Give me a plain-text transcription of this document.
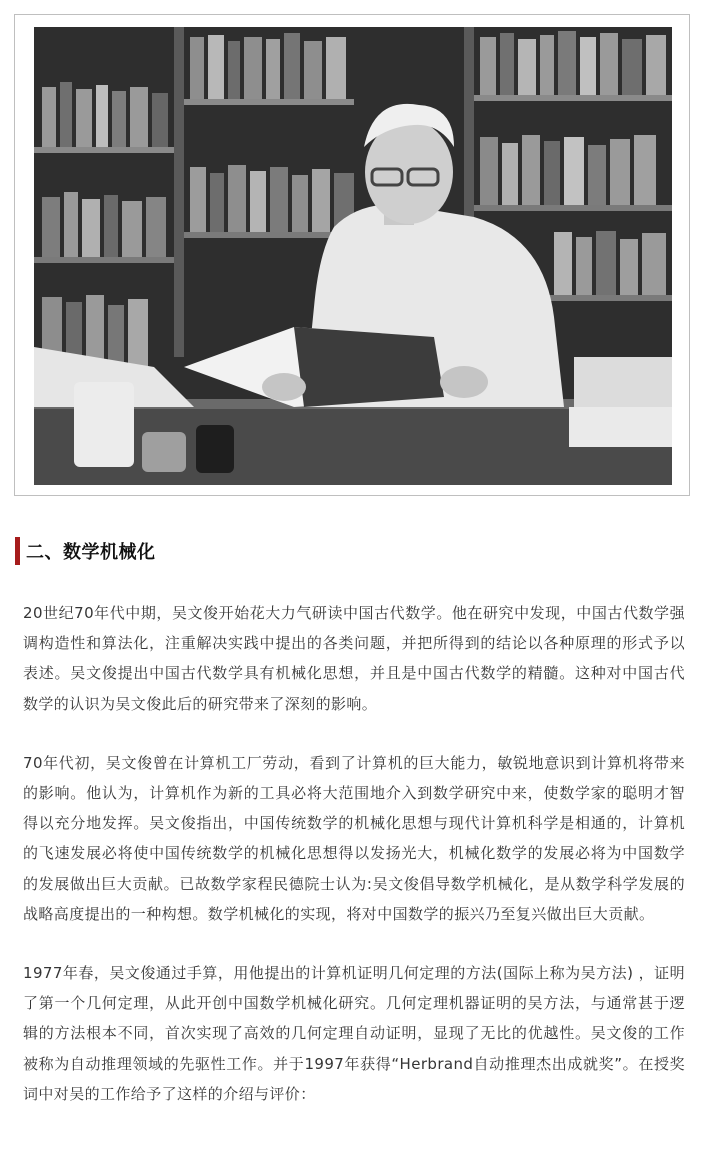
二、数学机械化

20世纪70年代中期，吴文俊开始花大力气研读中国古代数学。他在研究中发现，中国古代数学强调构造性和算法化，注重解决实践中提出的各类问题，并把所得到的结论以各种原理的形式予以表述。吴文俊提出中国古代数学具有机械化思想，并且是中国古代数学的精髓。这种对中国古代数学的认识为吴文俊此后的研究带来了深刻的影响。

70年代初，吴文俊曾在计算机工厂劳动，看到了计算机的巨大能力，敏锐地意识到计算机将带来的影响。他认为，计算机作为新的工具必将大范围地介入到数学研究中来，使数学家的聪明才智得以充分地发挥。吴文俊指出，中国传统数学的机械化思想与现代计算机科学是相通的，计算机的飞速发展必将使中国传统数学的机械化思想得以发扬光大，机械化数学的发展必将为中国数学的发展做出巨大贡献。已故数学家程民德院士认为:吴文俊倡导数学机械化，是从数学科学发展的战略高度提出的一种构想。数学机械化的实现，将对中国数学的振兴乃至复兴做出巨大贡献。

1977年春，吴文俊通过手算，用他提出的计算机证明几何定理的方法(国际上称为吴方法) ，证明了第一个几何定理，从此开创中国数学机械化研究。几何定理机器证明的吴方法，与通常甚于逻辑的方法根本不同，首次实现了高效的几何定理自动证明，显现了无比的优越性。吴文俊的工作被称为自动推理领域的先驱性工作。并于1997年获得“Herbrand自动推理杰出成就奖”。在授奖词中对吴的工作给予了这样的介绍与评价：
